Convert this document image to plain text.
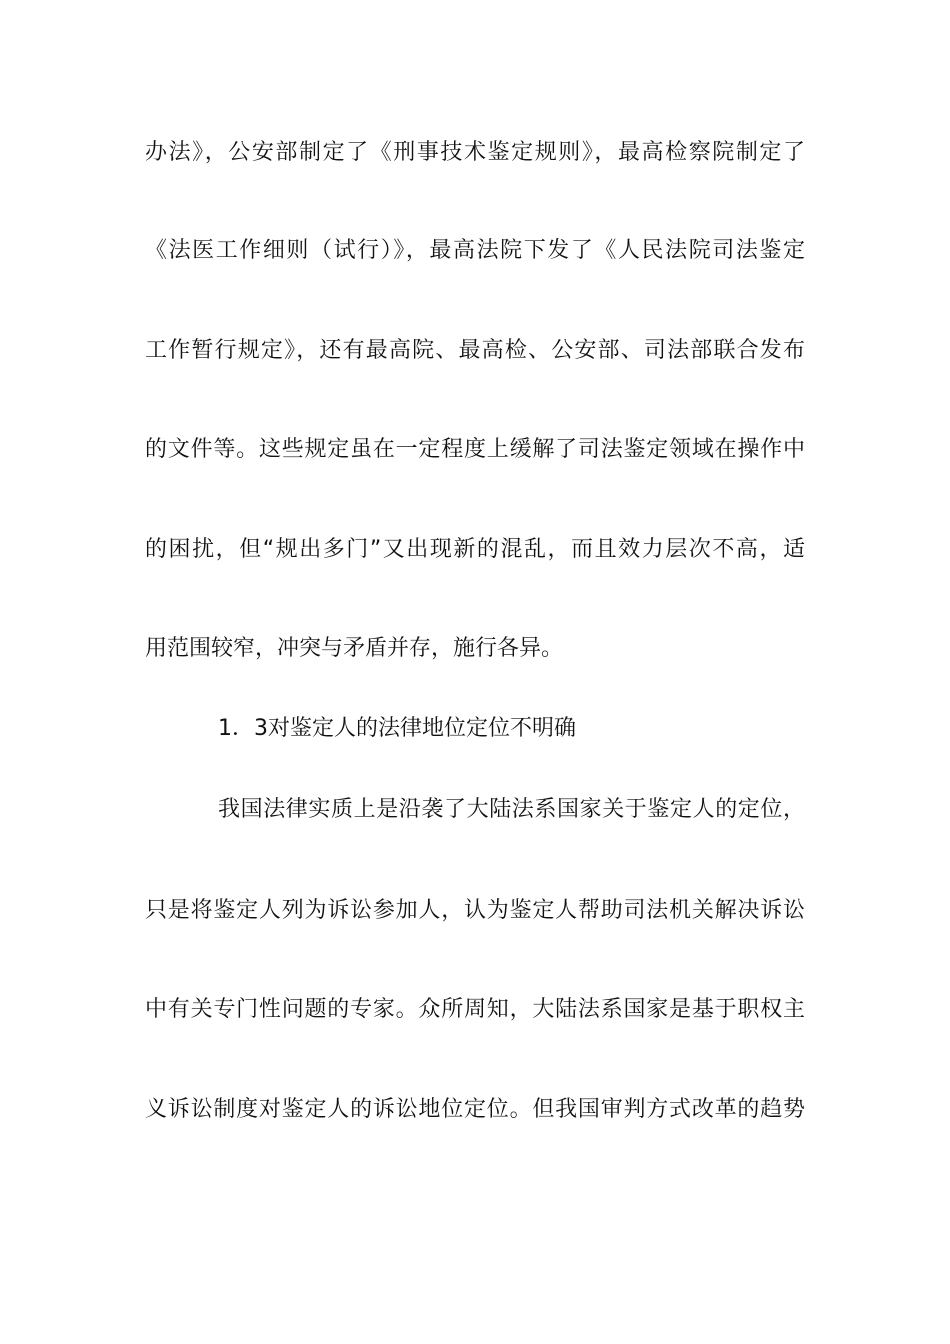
办法》，公安部制定了《刑事技术鉴定规则》，最高检察院制定了
《法医工作细则（试行）》，最高法院下发了《人民法院司法鉴定
工作暂行规定》，还有最高院、最高检、公安部、司法部联合发布
的文件等。这些规定虽在一定程度上缓解了司法鉴定领域在操作中
的困扰，但“规出多门”又出现新的混乱，而且效力层次不高，适
用范围较窄，冲突与矛盾并存，施行各异。
1．3对鉴定人的法律地位定位不明确
我国法律实质上是沿袭了大陆法系国家关于鉴定人的定位，
只是将鉴定人列为诉讼参加人，认为鉴定人帮助司法机关解决诉讼
中有关专门性问题的专家。众所周知，大陆法系国家是基于职权主
义诉讼制度对鉴定人的诉讼地位定位。但我国审判方式改革的趋势
